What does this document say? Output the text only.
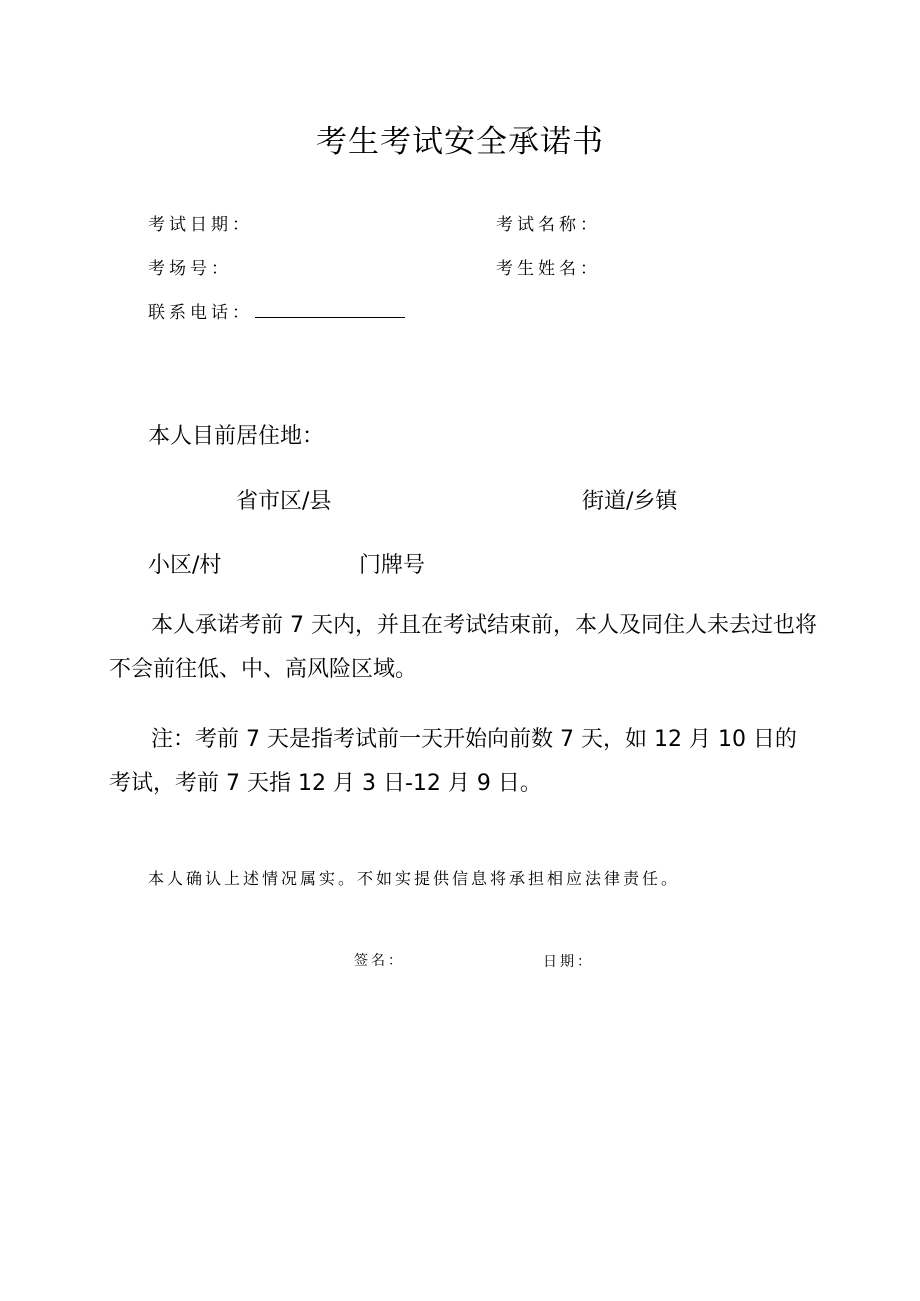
考生考试安全承诺书
考试日期：	考试名称：
考场号：	考生姓名：
联系电话：
本人目前居住地：
省市区/县	街道/乡镇
小区/村	门牌号
本人承诺考前 7 天内，并且在考试结束前，本人及同住人未去过也将不会前往低、中、高风险区域。
注：考前 7 天是指考试前一天开始向前数 7 天，如 12 月 10 日的考试，考前 7 天指 12 月 3 日-12 月 9 日。
本人确认上述情况属实。不如实提供信息将承担相应法律责任。
签名：	日期：
